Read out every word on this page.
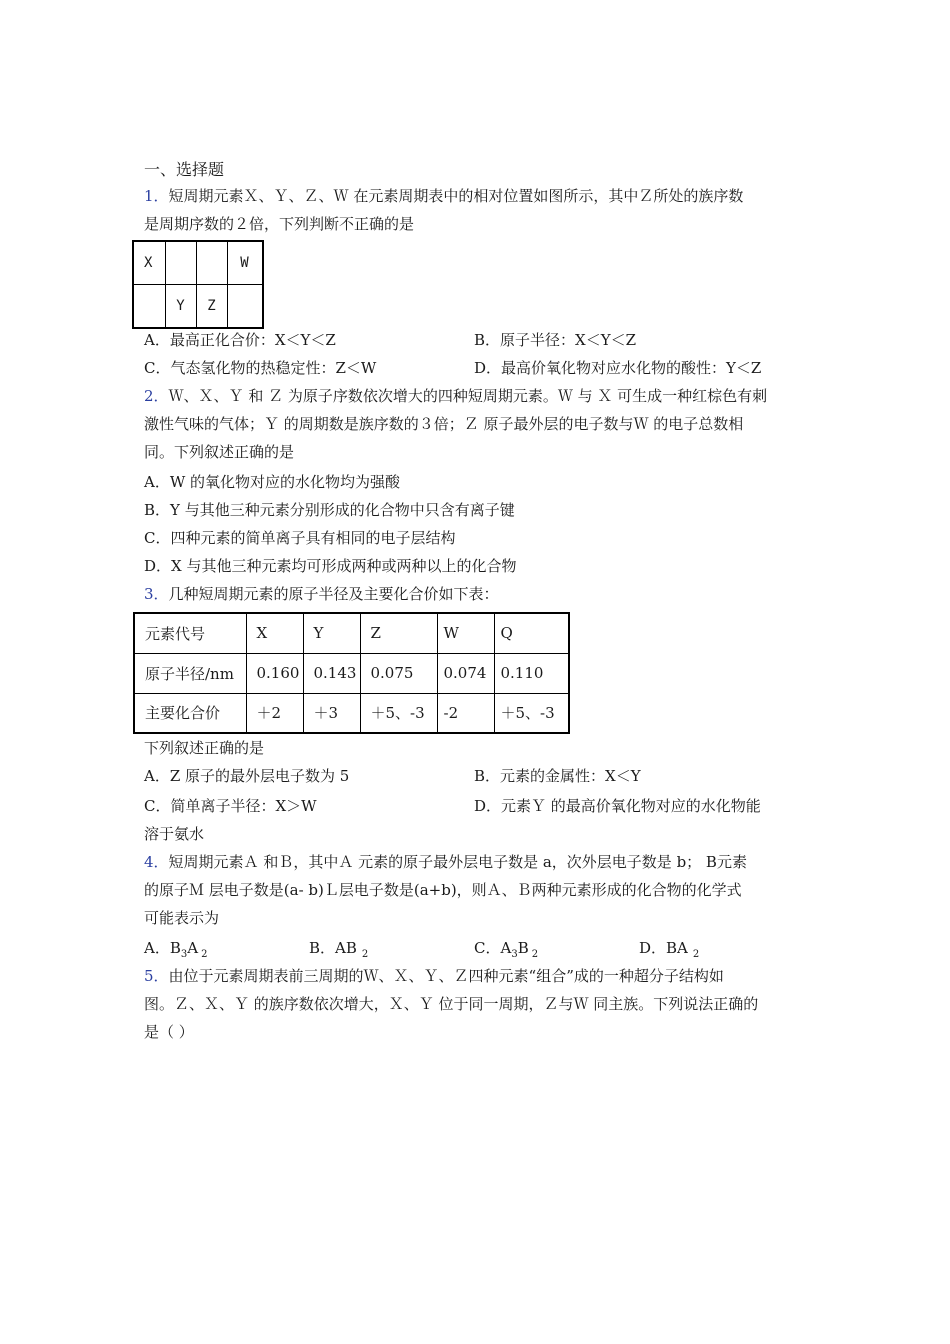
一、选择题
1．短周期元素Ｘ、Ｙ、Ｚ、Ｗ 在元素周期表中的相对位置如图所示，其中Ｚ所处的族序数
是周期序数的２倍，下列判断不正确的是
X			W
	Y	Z	
A．最高正化合价：X＜Y＜Z	B．原子半径：X＜Y＜Z
C．气态氢化物的热稳定性：Z＜W	D．最高价氧化物对应水化物的酸性：Y＜Z
2．Ｗ、Ｘ、Ｙ 和 Ｚ 为原子序数依次增大的四种短周期元素。Ｗ 与 Ｘ 可生成一种红棕色有刺
激性气味的气体；Ｙ 的周期数是族序数的３倍；Ｚ 原子最外层的电子数与Ｗ 的电子总数相
同。下列叙述正确的是
A．W 的氧化物对应的水化物均为强酸
B．Y 与其他三种元素分别形成的化合物中只含有离子键
C．四种元素的简单离子具有相同的电子层结构
D．X 与其他三种元素均可形成两种或两种以上的化合物
3．几种短周期元素的原子半径及主要化合价如下表：
元素代号	X	Y	Z	W	Q
原子半径/nm	0.160	0.143	0.075	0.074	0.110
主要化合价	＋2	＋3	＋5、-3	-2	＋5、-3
下列叙述正确的是
A．Z 原子的最外层电子数为 5	B．元素的金属性：X＜Y
C．简单离子半径：X＞W	D．元素Ｙ 的最高价氧化物对应的水化物能
溶于氨水
4．短周期元素Ａ 和Ｂ，其中Ａ 元素的原子最外层电子数是 a，次外层电子数是 b； B元素
的原子Ｍ 层电子数是(a- b)Ｌ层电子数是(a+b)，则Ａ、Ｂ两种元素形成的化合物的化学式
可能表示为
A．$B_3A$ $_2$	B．AB $_2$	C．$A_3B$ $_2$	D．BA $_2$
5．由位于元素周期表前三周期的Ｗ、Ｘ、Ｙ、Ｚ四种元素“组合”成的一种超分子结构如
图。Ｚ、Ｘ、Ｙ 的族序数依次增大，Ｘ、Ｙ 位于同一周期，Ｚ与Ｗ 同主族。下列说法正确的
是（ ）
